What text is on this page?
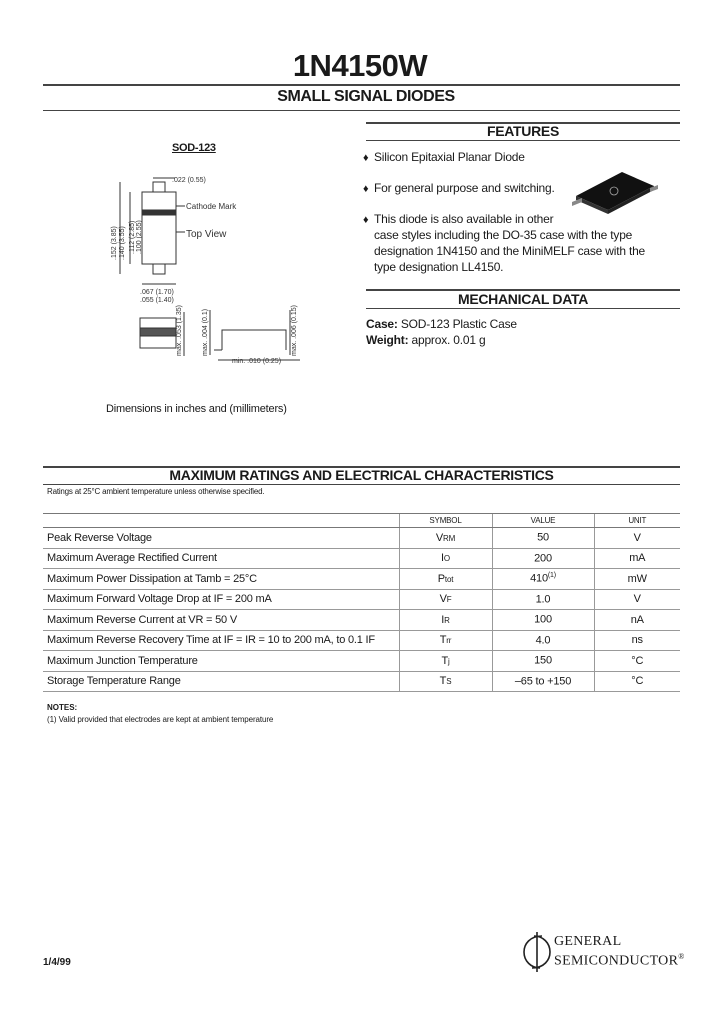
1N4150W
SMALL SIGNAL DIODES
SOD-123
.022 (0.55)
Cathode Mark
Top View
.067 (1.70)
.055 (1.40)
min. .010 (0.25)
.152 (3.85) .140 (3.55) .112 (2.85) .100 (2.55)
max. .053 (1.35)	max. .004 (0.1)	max. .006 (0.15)
Dimensions in inches and (millimeters)
FEATURES
♦ Silicon Epitaxial Planar Diode
♦ For general purpose and switching.
♦ This diode is also available in other
case styles including the DO-35 case with the type
designation 1N4150 and the MiniMELF case with the
type designation LL4150.
MECHANICAL DATA
Case: SOD-123 Plastic Case
Weight: approx. 0.01 g
MAXIMUM RATINGS AND ELECTRICAL CHARACTERISTICS
Ratings at 25°C ambient temperature unless otherwise specified.
	SYMBOL	VALUE	UNIT
Peak Reverse Voltage	VRM	50	V
Maximum Average Rectified Current	IO	200	mA
Maximum Power Dissipation at Tamb = 25°C	Ptot	410$^{(1)}$	mW
Maximum Forward Voltage Drop at IF = 200 mA	VF	1.0	V
Maximum Reverse Current at VR = 50 V	IR	100	nA
Maximum Reverse Recovery Time at IF = IR = 10 to 200 mA, to 0.1 IF	Trr	4.0	ns
Maximum Junction Temperature	Tj	150	°C
Storage Temperature Range	TS	–65 to +150	°C
NOTES:
(1) Valid provided that electrodes are kept at ambient temperature
1/4/99
GENERAL
SEMICONDUCTOR®
